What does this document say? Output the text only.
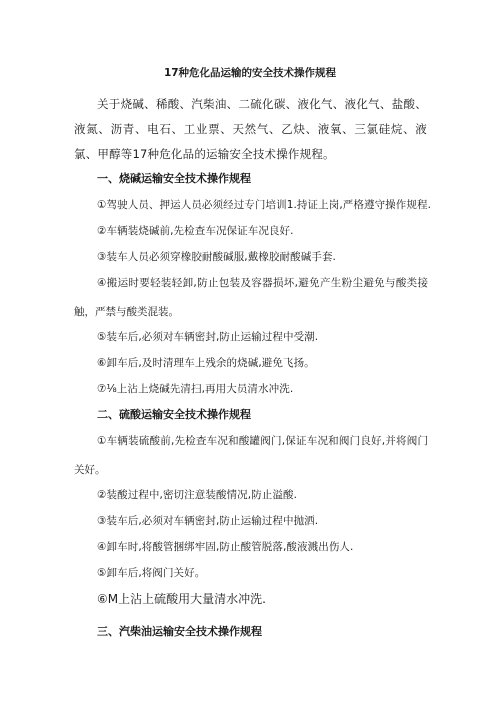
17种危化品运输的安全技术操作规程
关于烧碱、稀酸、汽柴油、二硫化碳、液化气、液化气、盐酸、液氮、沥青、电石、工业票、天然气、乙炔、液氧、三氯硅烷、液氯、甲醇等17种危化品的运输安全技术操作规程。
一、烧碱运输安全技术操作规程
①驾驶人员、押运人员必须经过专门培训1.持证上岗,严格遵守操作规程.
②车辆装烧碱前,先检查车况保证车况良好.
③装车人员必须穿橡胶耐酸碱服,戴橡胶耐酸碱手套.
④搬运时要轻装轻卸,防止包装及容器损坏,避免产生粉尘避免与酸类接触，严禁与酸类混装。
⑤装车后,必须对车辆密封,防止运输过程中受潮.
⑥卸车后,及时清理车上残余的烧碱,避免飞扬。
⑦⅛上沾上烧碱先清扫,再用大员清水冲洗.
二、硫酸运输安全技术操作规程
①车辆装硫酸前,先检查车况和酸罐阀门,保证车况和阀门良好,并将阀门关好。
②装酸过程中,密切注意装酸情况,防止溢酸.
③装车后,必须对车辆密封,防止运输过程中抛洒.
④卸车时,将酸管捆绑牢固,防止酸管脱落,酸液溅出伤人.
⑤卸车后,将阀门关好。
⑥M上沾上硫酸用大量清水冲洗.
三、汽柴油运输安全技术操作规程
